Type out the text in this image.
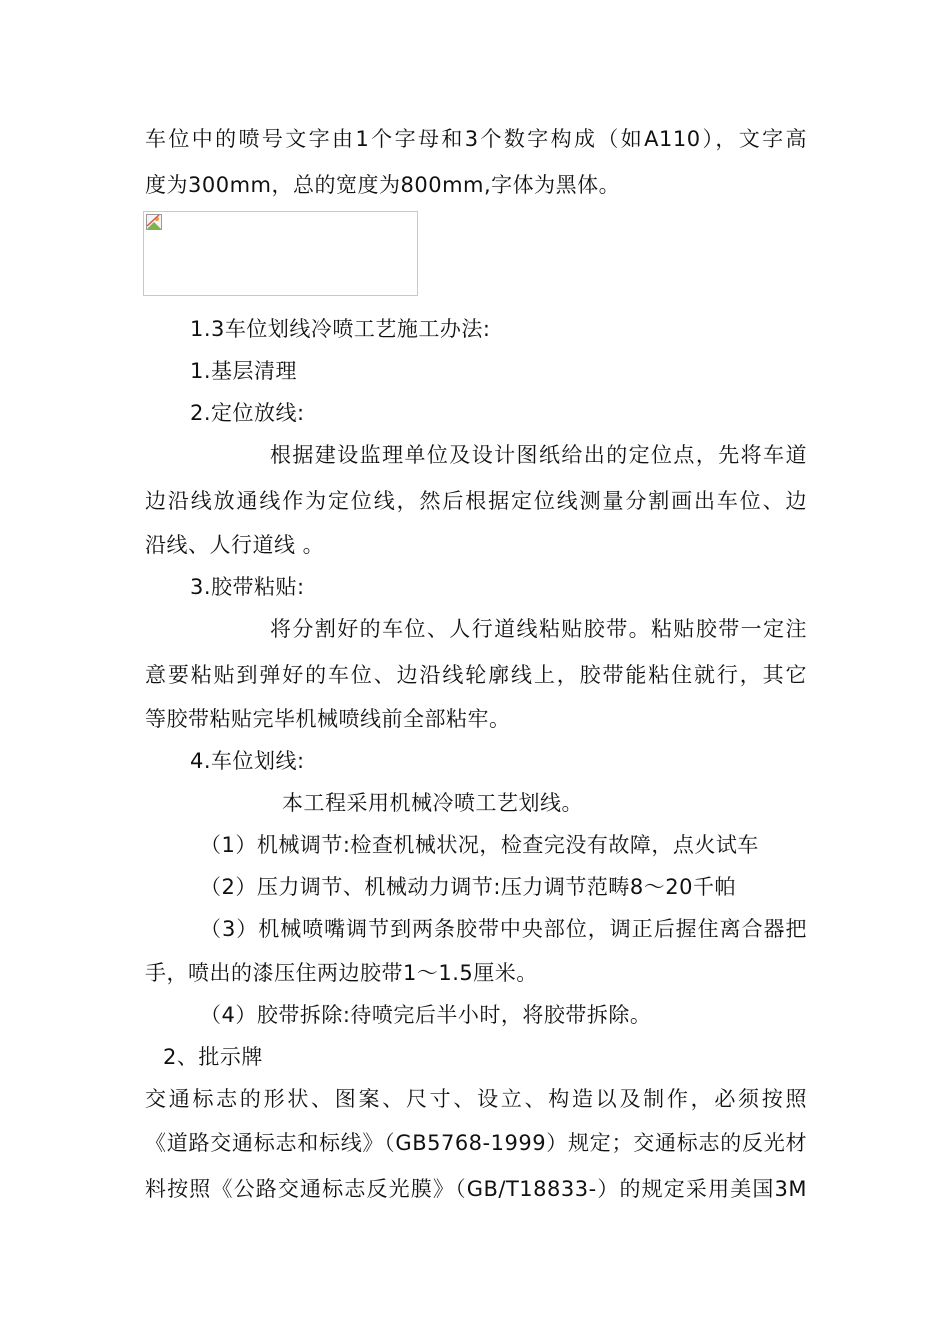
车位中的喷号文字由1个字母和3个数字构成（如A110），文字高
度为300mm，总的宽度为800mm,字体为黑体。
1.3车位划线冷喷工艺施工办法:
1.基层清理
2.定位放线:
根据建设监理单位及设计图纸给出的定位点，先将车道
边沿线放通线作为定位线，然后根据定位线测量分割画出车位、边
沿线、人行道线 。
3.胶带粘贴:
将分割好的车位、人行道线粘贴胶带。粘贴胶带一定注
意要粘贴到弹好的车位、边沿线轮廓线上，胶带能粘住就行，其它
等胶带粘贴完毕机械喷线前全部粘牢。
4.车位划线:
本工程采用机械冷喷工艺划线。
（1）机械调节:检查机械状况，检查完没有故障，点火试车
（2）压力调节、机械动力调节:压力调节范畴8～20千帕
（3）机械喷嘴调节到两条胶带中央部位，调正后握住离合器把
手，喷出的漆压住两边胶带1～1.5厘米。
（4）胶带拆除:待喷完后半小时，将胶带拆除。
2、批示牌
交通标志的形状、图案、尺寸、设立、构造以及制作，必须按照
《道路交通标志和标线》（GB5768-1999）规定；交通标志的反光材
料按照《公路交通标志反光膜》（GB/T18833-）的规定采用美国3M
